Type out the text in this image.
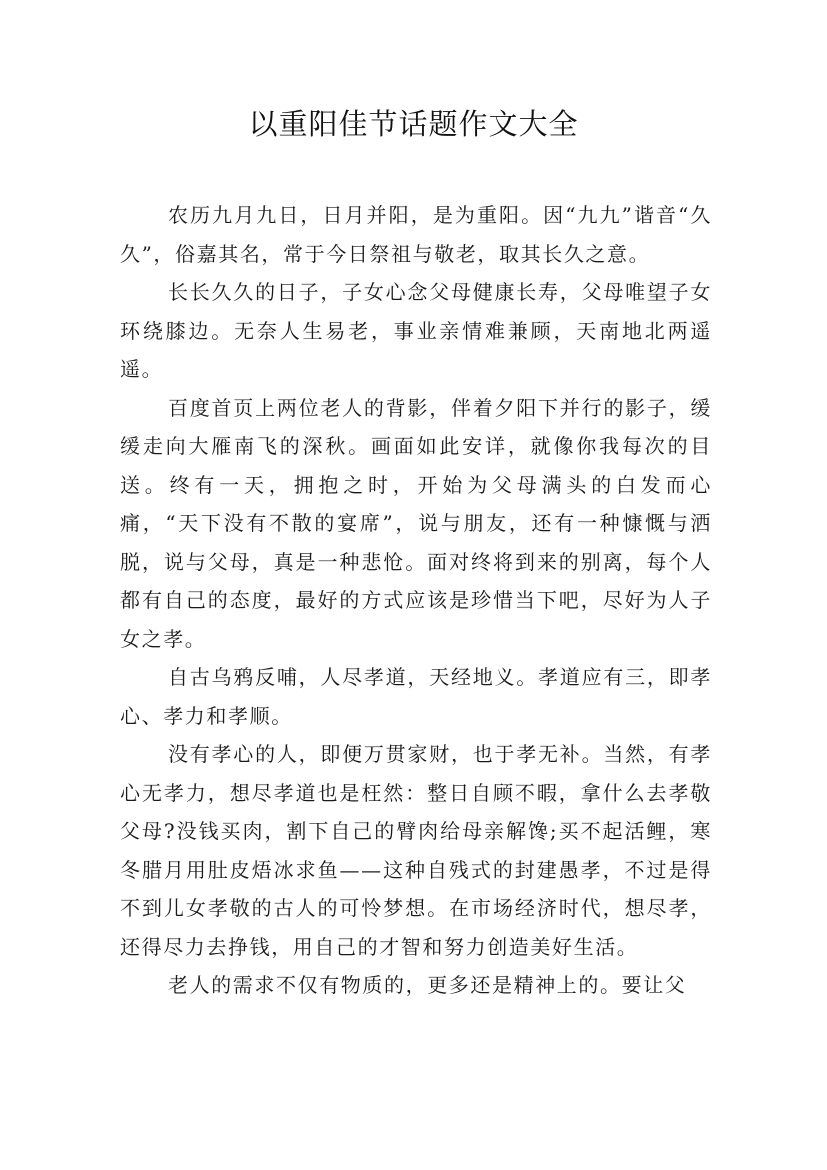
以重阳佳节话题作文大全

农历九月九日，日月并阳，是为重阳。因“九九”谐音“久久”，俗嘉其名，常于今日祭祖与敬老，取其长久之意。

长长久久的日子，子女心念父母健康长寿，父母唯望子女环绕膝边。无奈人生易老，事业亲情难兼顾，天南地北两遥遥。

百度首页上两位老人的背影，伴着夕阳下并行的影子，缓缓走向大雁南飞的深秋。画面如此安详，就像你我每次的目送。终有一天，拥抱之时，开始为父母满头的白发而心痛，“天下没有不散的宴席”，说与朋友，还有一种慷慨与洒脱，说与父母，真是一种悲怆。面对终将到来的别离，每个人都有自己的态度，最好的方式应该是珍惜当下吧，尽好为人子女之孝。

自古乌鸦反哺，人尽孝道，天经地义。孝道应有三，即孝心、孝力和孝顺。

没有孝心的人，即便万贯家财，也于孝无补。当然，有孝心无孝力，想尽孝道也是枉然：整日自顾不暇，拿什么去孝敬父母?没钱买肉，割下自己的臂肉给母亲解馋;买不起活鲤，寒冬腊月用肚皮焐冰求鱼——这种自残式的封建愚孝，不过是得不到儿女孝敬的古人的可怜梦想。在市场经济时代，想尽孝，还得尽力去挣钱，用自己的才智和努力创造美好生活。

老人的需求不仅有物质的，更多还是精神上的。要让父
